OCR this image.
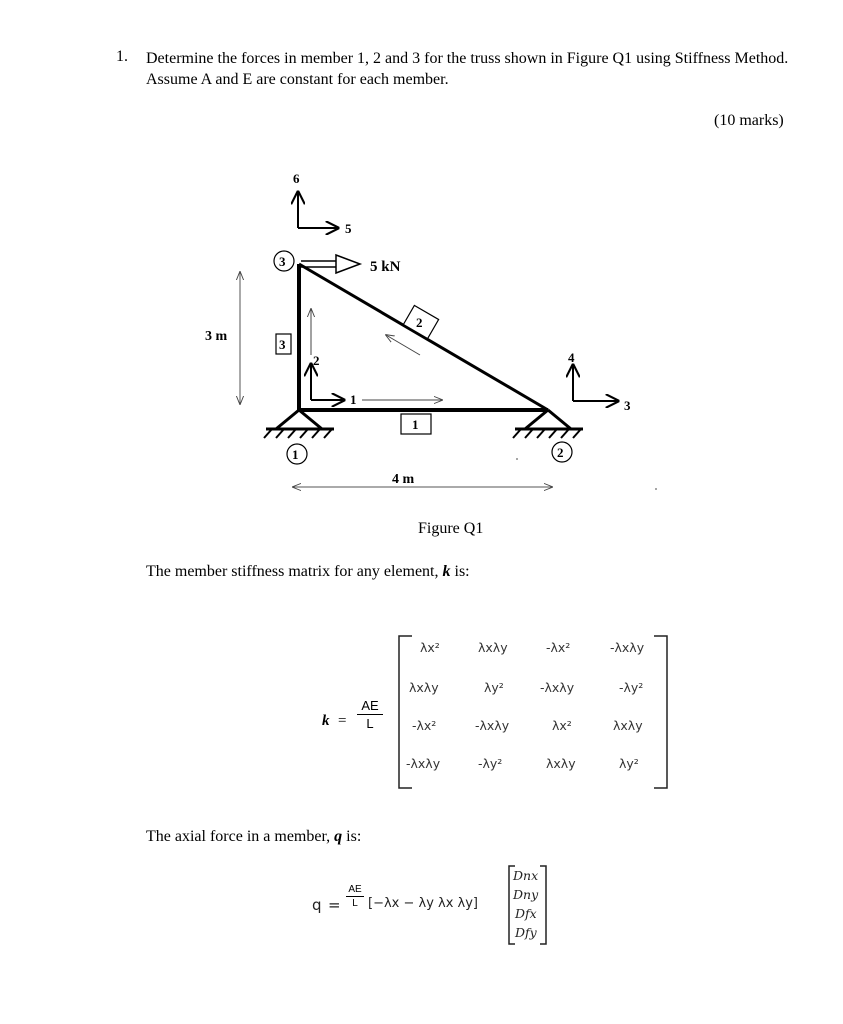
1. Determine the forces in member 1, 2 and 3 for the truss shown in Figure Q1 using Stiffness Method. Assume A and E are constant for each member.
(10 marks)
5 kN
6
5
2
1
4
3
3
1	2
3
1
2
3 m
4 m
Figure Q1
The member stiffness matrix for any element, k is:
k =
AE
L
λx²	λxλy	-λx²	-λxλy
λxλy	λy²	-λxλy	-λy²
-λx²	-λxλy	λx²	λxλy
-λxλy	-λy²	λxλy	λy²
The axial force in a member, q is:
q =
AE
L [−λx − λy λx λy]
Dnx
Dny
Dfx
Dfy
